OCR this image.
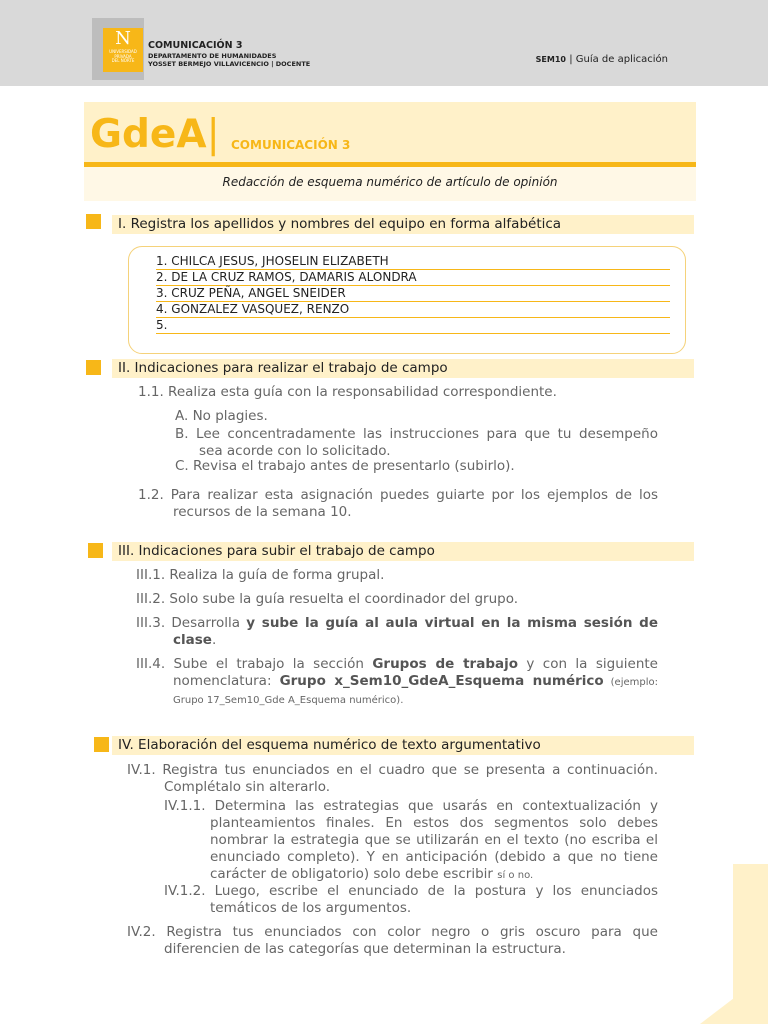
N
UNIVERSIDAD
PRIVADA
DEL NORTE
COMUNICACIÓN 3
DEPARTAMENTO DE HUMANIDADES
YOSSET BERMEJO VILLAVICENCIO | DOCENTE	SEM10 | Guía de aplicación
GdeA| COMUNICACIÓN 3
Redacción de esquema numérico de artículo de opinión
I. Registra los apellidos y nombres del equipo en forma alfabética
1. CHILCA JESUS, JHOSELIN ELIZABETH
2. DE LA CRUZ RAMOS, DAMARIS ALONDRA
3. CRUZ PEÑA, ANGEL SNEIDER
4. GONZALEZ VASQUEZ, RENZO
5.
II. Indicaciones para realizar el trabajo de campo
1.1. Realiza esta guía con la responsabilidad correspondiente.
A. No plagies.
B. Lee concentradamente las instrucciones para que tu desempeño sea acorde con lo solicitado.
C. Revisa el trabajo antes de presentarlo (subirlo).
1.2. Para realizar esta asignación puedes guiarte por los ejemplos de los recursos de la semana 10.
III. Indicaciones para subir el trabajo de campo
III.1. Realiza la guía de forma grupal.
III.2. Solo sube la guía resuelta el coordinador del grupo.
III.3. Desarrolla y sube la guía al aula virtual en la misma sesión de clase.
III.4. Sube el trabajo la sección Grupos de trabajo y con la siguiente nomenclatura: Grupo x_Sem10_GdeA_Esquema numérico (ejemplo: Grupo 17_Sem10_Gde A_Esquema numérico).
IV. Elaboración del esquema numérico de texto argumentativo
IV.1. Registra tus enunciados en el cuadro que se presenta a continuación. Complétalo sin alterarlo.
IV.1.1. Determina las estrategias que usarás en contextualización y planteamientos finales. En estos dos segmentos solo debes nombrar la estrategia que se utilizarán en el texto (no escriba el enunciado completo). Y en anticipación (debido a que no tiene carácter de obligatorio) solo debe escribir sí o no.
IV.1.2. Luego, escribe el enunciado de la postura y los enunciados temáticos de los argumentos.
IV.2. Registra tus enunciados con color negro o gris oscuro para que diferencien de las categorías que determinan la estructura.
